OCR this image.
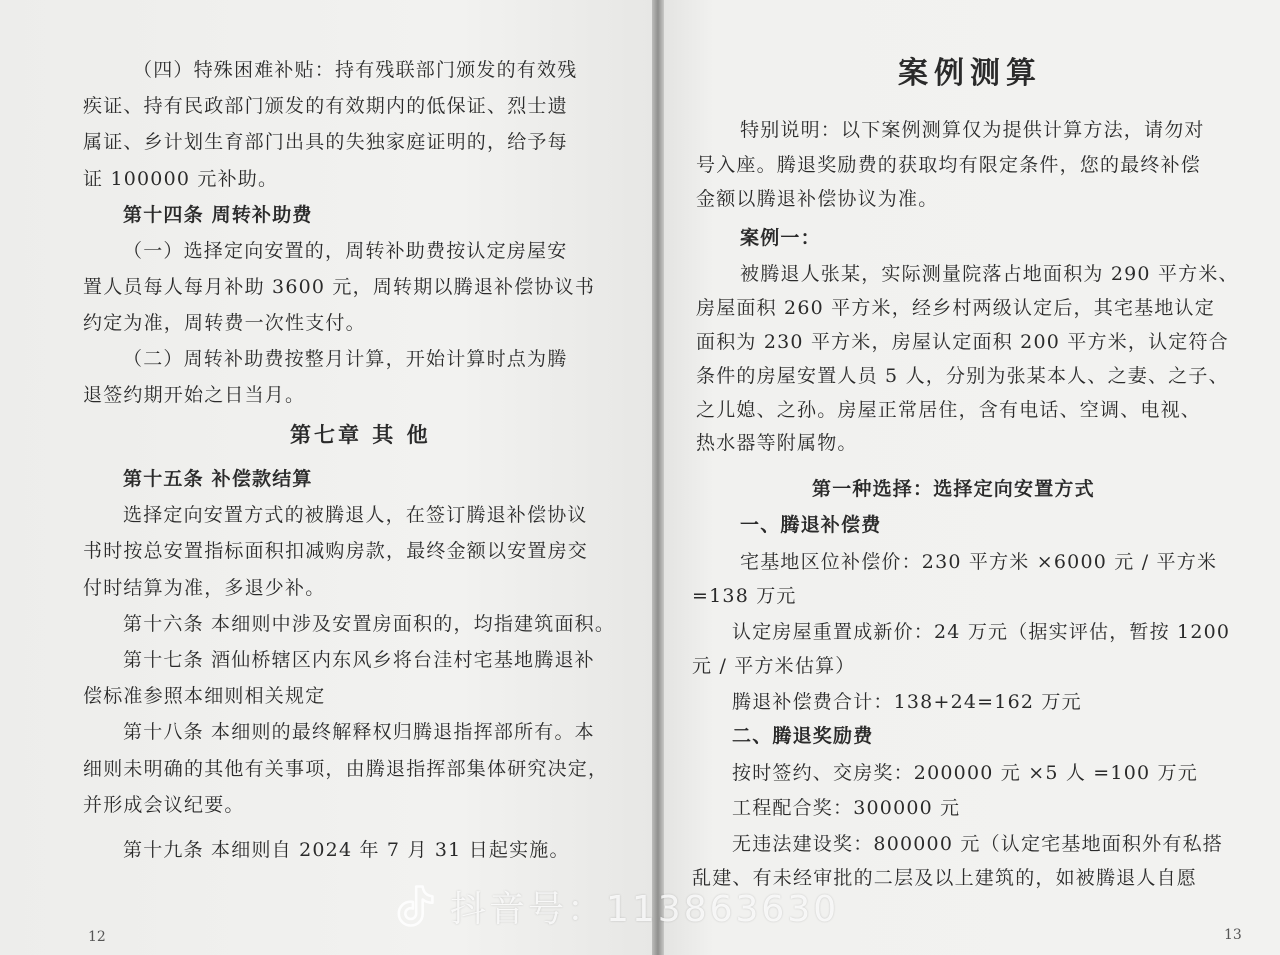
（四）特殊困难补贴：持有残联部门颁发的有效残
疾证、持有民政部门颁发的有效期内的低保证、烈士遗
属证、乡计划生育部门出具的失独家庭证明的，给予每
证 100000 元补助。
第十四条 周转补助费
（一）选择定向安置的，周转补助费按认定房屋安
置人员每人每月补助 3600 元，周转期以腾退补偿协议书
约定为准，周转费一次性支付。
（二）周转补助费按整月计算，开始计算时点为腾
退签约期开始之日当月。
第七章 其 他
第十五条 补偿款结算
选择定向安置方式的被腾退人，在签订腾退补偿协议
书时按总安置指标面积扣减购房款，最终金额以安置房交
付时结算为准，多退少补。
第十六条 本细则中涉及安置房面积的，均指建筑面积。
第十七条 酒仙桥辖区内东风乡将台洼村宅基地腾退补
偿标准参照本细则相关规定
第十八条 本细则的最终解释权归腾退指挥部所有。本
细则未明确的其他有关事项，由腾退指挥部集体研究决定，
并形成会议纪要。
第十九条 本细则自 2024 年 7 月 31 日起实施。
12
案例测算
特别说明：以下案例测算仅为提供计算方法，请勿对
号入座。腾退奖励费的获取均有限定条件，您的最终补偿
金额以腾退补偿协议为准。
案例一：
被腾退人张某，实际测量院落占地面积为 290 平方米、
房屋面积 260 平方米，经乡村两级认定后，其宅基地认定
面积为 230 平方米，房屋认定面积 200 平方米，认定符合
条件的房屋安置人员 5 人，分别为张某本人、之妻、之子、
之儿媳、之孙。房屋正常居住，含有电话、空调、电视、
热水器等附属物。
第一种选择：选择定向安置方式
一、腾退补偿费
宅基地区位补偿价：230 平方米 ×6000 元 / 平方米
=138 万元
认定房屋重置成新价：24 万元（据实评估，暂按 1200
元 / 平方米估算）
腾退补偿费合计：138+24=162 万元
二、腾退奖励费
按时签约、交房奖：200000 元 ×5 人 =100 万元
工程配合奖：300000 元
无违法建设奖：800000 元（认定宅基地面积外有私搭
乱建、有未经审批的二层及以上建筑的，如被腾退人自愿
13
抖音号：113863630
